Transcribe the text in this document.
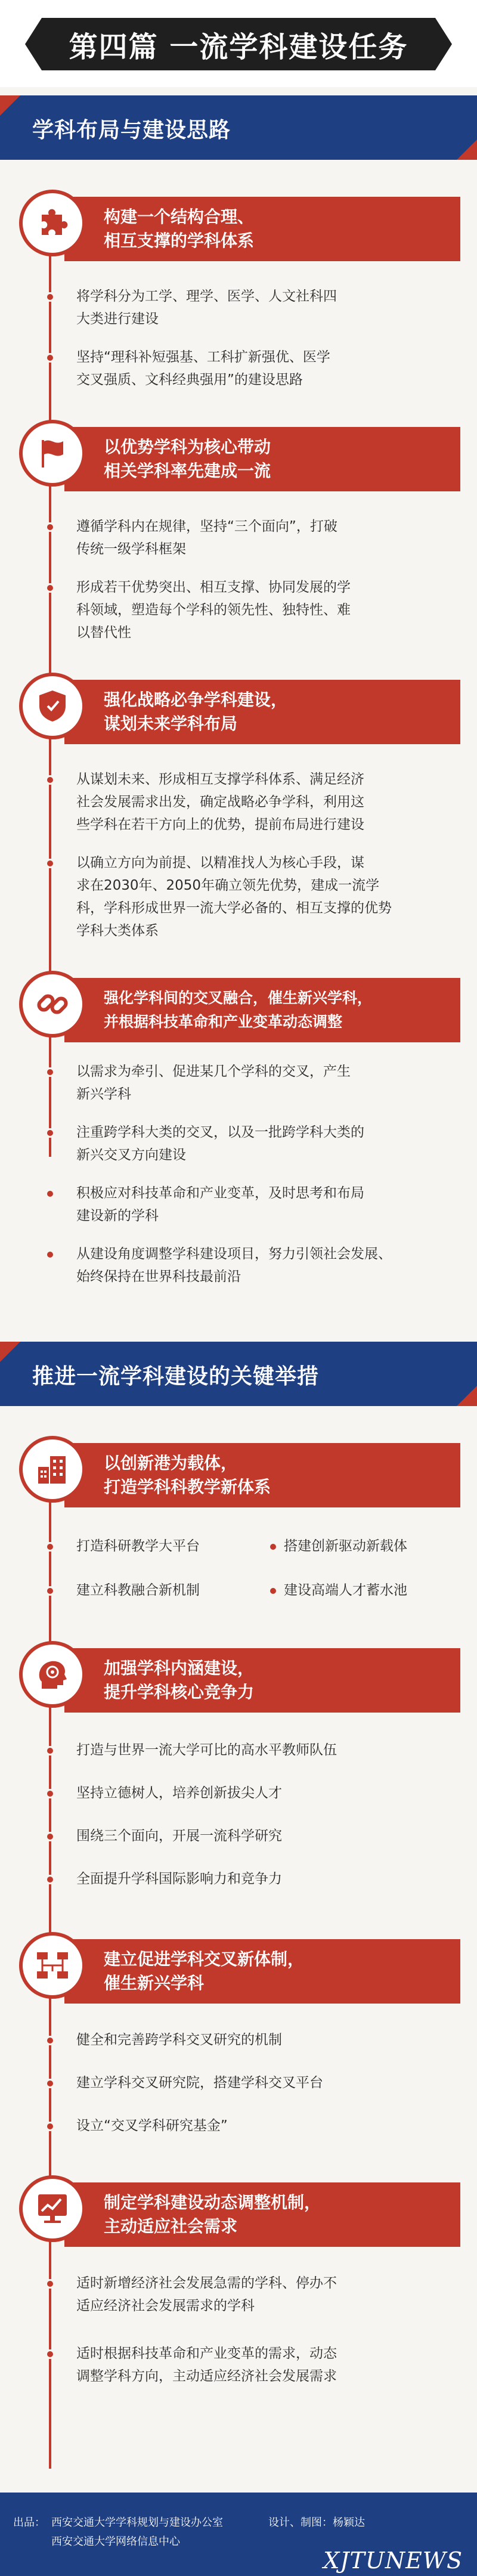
第四篇 一流学科建设任务
学科布局与建设思路
构建一个结构合理、
相互支撑的学科体系
将学科分为工学、理学、医学、人文社科四
大类进行建设
坚持“理科补短强基、工科扩新强优、医学
交叉强质、文科经典强用”的建设思路
以优势学科为核心带动
相关学科率先建成一流
遵循学科内在规律，坚持“三个面向”，打破
传统一级学科框架
形成若干优势突出、相互支撑、协同发展的学
科领域，塑造每个学科的领先性、独特性、难
以替代性
强化战略必争学科建设，
谋划未来学科布局
从谋划未来、形成相互支撑学科体系、满足经济
社会发展需求出发，确定战略必争学科，利用这
些学科在若干方向上的优势，提前布局进行建设
以确立方向为前提、以精准找人为核心手段，谋
求在2030年、2050年确立领先优势，建成一流学
科，学科形成世界一流大学必备的、相互支撑的优势
学科大类体系
强化学科间的交叉融合，催生新兴学科，
并根据科技革命和产业变革动态调整
以需求为牵引、促进某几个学科的交叉，产生
新兴学科
注重跨学科大类的交叉，以及一批跨学科大类的
新兴交叉方向建设
积极应对科技革命和产业变革，及时思考和布局
建设新的学科
从建设角度调整学科建设项目，努力引领社会发展、
始终保持在世界科技最前沿
推进一流学科建设的关键举措
以创新港为载体，
打造学科科教学新体系
打造科研教学大平台	搭建创新驱动新载体
建立科教融合新机制	建设高端人才蓄水池
加强学科内涵建设，
提升学科核心竞争力
打造与世界一流大学可比的高水平教师队伍
坚持立德树人，培养创新拔尖人才
围绕三个面向，开展一流科学研究
全面提升学科国际影响力和竞争力
建立促进学科交叉新体制，
催生新兴学科
健全和完善跨学科交叉研究的机制
建立学科交叉研究院，搭建学科交叉平台
设立“交叉学科研究基金”
制定学科建设动态调整机制，
主动适应社会需求
适时新增经济社会发展急需的学科、停办不
适应经济社会发展需求的学科
适时根据科技革命和产业变革的需求，动态
调整学科方向，主动适应经济社会发展需求
出品： 西安交通大学学科规划与建设办公室
西安交通大学网络信息中心
设计、制图：杨颖达
XJTUNEWS
